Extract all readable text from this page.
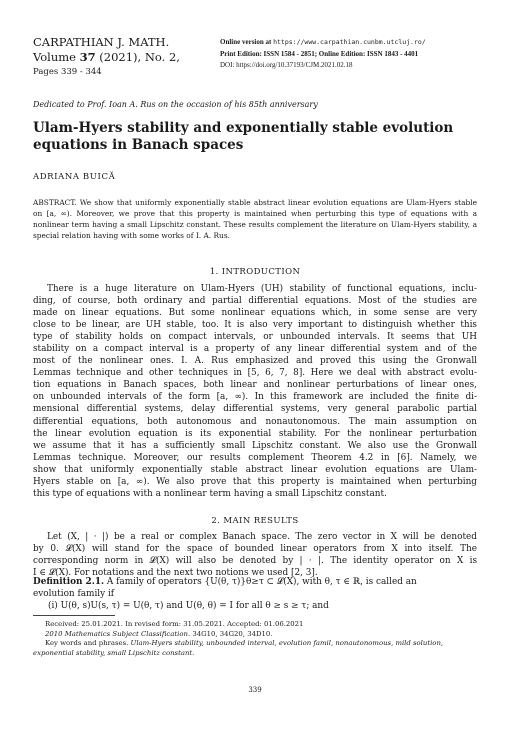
CARPATHIAN J. MATH.
Volume 37 (2021), No. 2,
Pages 339 - 344
Online version at https://www.carpathian.cunbm.utcluj.ro/
Print Edition: ISSN 1584 - 2851; Online Edition: ISSN 1843 - 4401
DOI: https://doi.org/10.37193/CJM.2021.02.18
Dedicated to Prof. Ioan A. Rus on the occasion of his 85th anniversary
Ulam-Hyers stability and exponentially stable evolution
equations in Banach spaces
ADRIANA BUICĂ
ABSTRACT. We show that uniformly exponentially stable abstract linear evolution equations are Ulam-Hyers stable on [a, ∞). Moreover, we prove that this property is maintained when perturbing this type of equations with a nonlinear term having a small Lipschitz constant. These results complement the literature on Ulam-Hyers stability, a special relation having with some works of I. A. Rus.
1. INTRODUCTION
There is a huge literature on Ulam-Hyers (UH) stability of functional equations, inclu-
ding, of course, both ordinary and partial differential equations. Most of the studies are
made on linear equations. But some nonlinear equations which, in some sense are very
close to be linear, are UH stable, too. It is also very important to distinguish whether this
type of stability holds on compact intervals, or unbounded intervals. It seems that UH
stability on a compact interval is a property of any linear differential system and of the
most of the nonlinear ones. I. A. Rus emphasized and proved this using the Gronwall
Lemmas technique and other techniques in [5, 6, 7, 8]. Here we deal with abstract evolu-
tion equations in Banach spaces, both linear and nonlinear perturbations of linear ones,
on unbounded intervals of the form [a, ∞). In this framework are included the finite di-
mensional differential systems, delay differential systems, very general parabolic partial
differential equations, both autonomous and nonautonomous. The main assumption on
the linear evolution equation is its exponential stability. For the nonlinear perturbation
we assume that it has a sufficiently small Lipschitz constant. We also use the Gronwall
Lemmas technique. Moreover, our results complement Theorem 4.2 in [6]. Namely, we
show that uniformly exponentially stable abstract linear evolution equations are Ulam-
Hyers stable on [a, ∞). We also prove that this property is maintained when perturbing
this type of equations with a nonlinear term having a small Lipschitz constant.
2. MAIN RESULTS
Let (X, | · |) be a real or complex Banach space. The zero vector in X will be denoted
by 0. 𝓛(X) will stand for the space of bounded linear operators from X into itself. The
corresponding norm in 𝓛(X) will also be denoted by | · |. The identity operator on X is
I ∈ 𝓛(X). For notations and the next two notions we used [2, 3].
Definition 2.1. A family of operators {U(θ, τ)}θ≥τ ⊂ 𝓛(X), with θ, τ ∈ ℝ, is called an
evolution family if
(i) U(θ, s)U(s, τ) = U(θ, τ) and U(θ, θ) = I for all θ ≥ s ≥ τ; and
Received: 25.01.2021. In revised form: 31.05.2021. Accepted: 01.06.2021
2010 Mathematics Subject Classification. 34G10, 34G20, 34D10.
Key words and phrases. Ulam-Hyers stability, unbounded interval, evolution famil, nonautonomous, mild solution, exponential stability, small Lipschitz constant.
339
